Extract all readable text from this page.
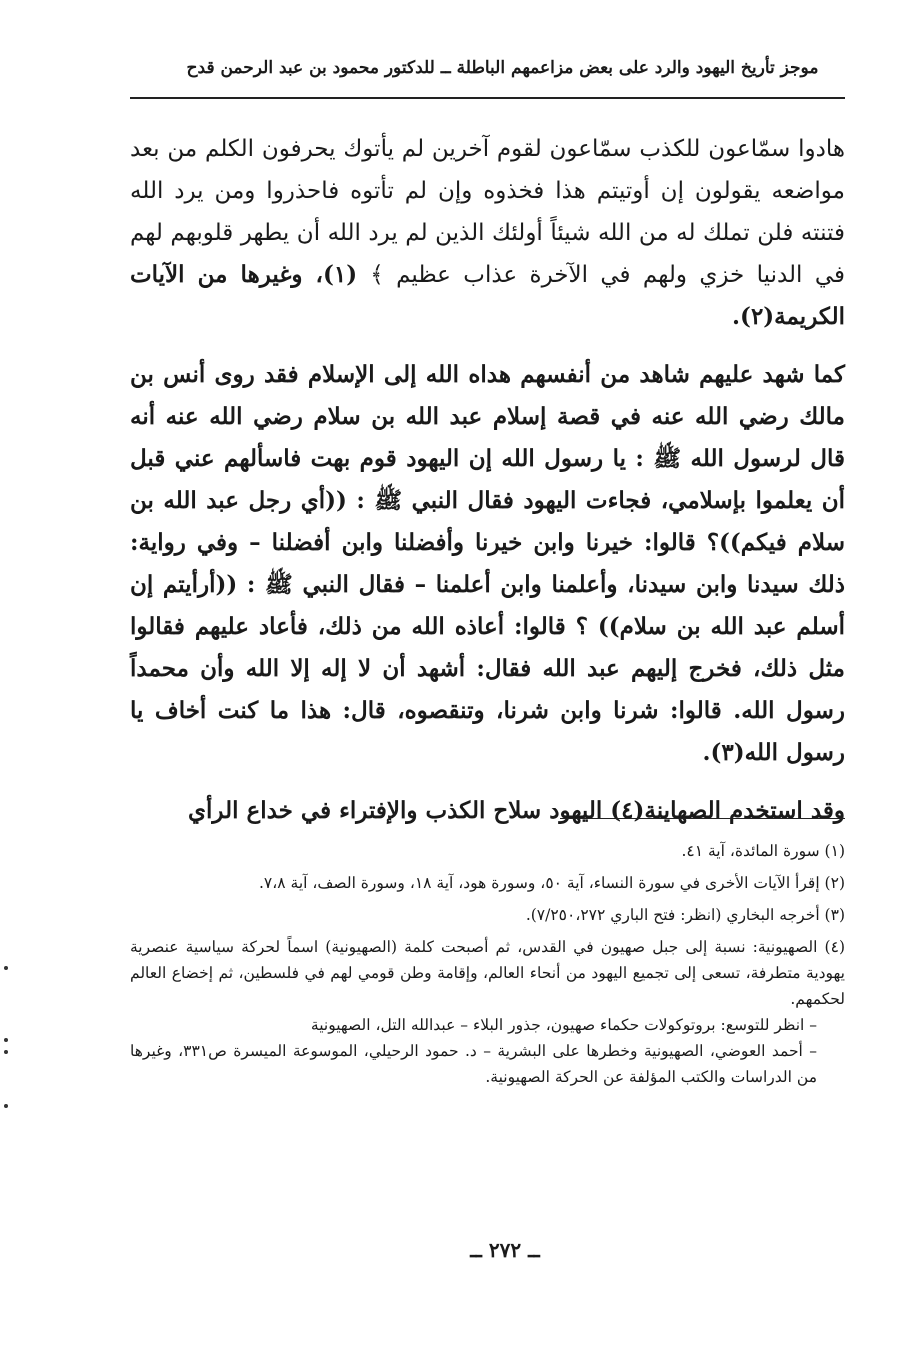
موجز تأريخ اليهود والرد على بعض مزاعمهم الباطلة ــ للدكتور محمود بن عبد الرحمن قدح

هادوا سمّاعون للكذب سمّاعون لقوم آخرين لم يأتوك يحرفون الكلم من بعد مواضعه يقولون إن أوتيتم هذا فخذوه وإن لم تأتوه فاحذروا ومن يرد الله فتنته فلن تملك له من الله شيئاً أولئك الذين لم يرد الله أن يطهر قلوبهم لهم في الدنيا خزي ولهم في الآخرة عذاب عظيم ﴾ (١)، وغيرها من الآيات الكريمة(٢).

كما شهد عليهم شاهد من أنفسهم هداه الله إلى الإسلام فقد روى أنس بن مالك رضي الله عنه في قصة إسلام عبد الله بن سلام رضي الله عنه أنه قال لرسول الله ﷺ : يا رسول الله إن اليهود قوم بهت فاسألهم عني قبل أن يعلموا بإسلامي، فجاءت اليهود فقال النبي ﷺ : ((أي رجل عبد الله بن سلام فيكم))؟ قالوا: خيرنا وابن خيرنا وأفضلنا وابن أفضلنا – وفي رواية: ذلك سيدنا وابن سيدنا، وأعلمنا وابن أعلمنا – فقال النبي ﷺ : ((أرأيتم إن أسلم عبد الله بن سلام)) ؟ قالوا: أعاذه الله من ذلك، فأعاد عليهم فقالوا مثل ذلك، فخرج إليهم عبد الله فقال: أشهد أن لا إله إلا الله وأن محمداً رسول الله. قالوا: شرنا وابن شرنا، وتنقصوه، قال: هذا ما كنت أخاف يا رسول الله(٣).

وقد استخدم الصهاينة(٤) اليهود سلاح الكذب والإفتراء في خداع الرأي

(١) سورة المائدة، آية ٤١.

(٢) إقرأ الآيات الأخرى في سورة النساء، آية ٥٠، وسورة هود، آية ١٨، وسورة الصف، آية ٧،٨.

(٣) أخرجه البخاري (انظر: فتح الباري ٧/٢٥٠،٢٧٢).

(٤) الصهيونية: نسبة إلى جبل صهيون في القدس، ثم أصبحت كلمة (الصهيونية) اسماً لحركة سياسية عنصرية يهودية متطرفة، تسعى إلى تجميع اليهود من أنحاء العالم، وإقامة وطن قومي لهم في فلسطين، ثم إخضاع العالم لحكمهم.
– انظر للتوسع: بروتوكولات حكماء صهيون، جذور البلاء – عبدالله التل، الصهيونية
– أحمد العوضي، الصهيونية وخطرها على البشرية – د. حمود الرحيلي، الموسوعة الميسرة ص٣٣١، وغيرها من الدراسات والكتب المؤلفة عن الحركة الصهيونية.
ــ ٢٧٢ ــ
